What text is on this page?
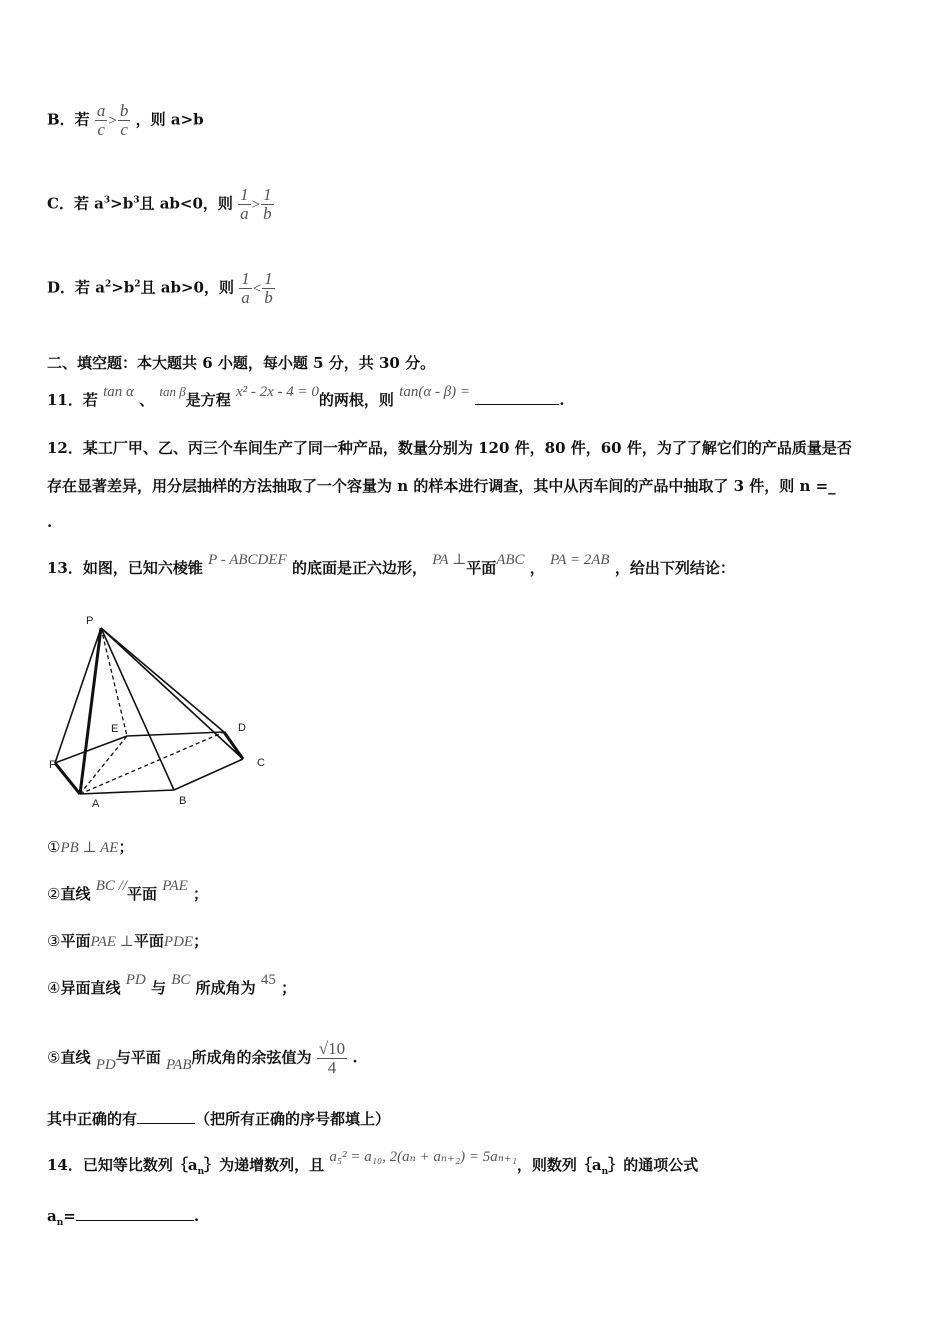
B．若 $\frac{a}{c} > \frac{b}{c}$ ，则 a>b
C．若 $a^3>b^3$且 ab<0，则 $\frac{1}{a} > \frac{1}{b}$
D．若 $a^2>b^2$且 ab>0，则 $\frac{1}{a} < \frac{1}{b}$
二、填空题：本大题共 6 小题，每小题 5 分，共 30 分。
11．若 tan α 、 tan β是方程 x² - 2x - 4 = 0的两根，则 tan(α - β) =	.
12．某工厂甲、乙、丙三个车间生产了同一种产品，数量分别为 120 件，80 件，60 件，为了了解它们的产品质量是否
存在显著差异，用分层抽样的方法抽取了一个容量为 n 的样本进行调查，其中从丙车间的产品中抽取了 3 件，则 n =_
.
13．如图，已知六棱锥 P - ABCDEF 的底面是正六边形， PA ⊥平面ABC ， PA = 2AB ，给出下列结论：
P
E	D
F	C
A	B
①PB ⊥ AE；
②直线 BC //平面 PAE ；
③平面PAE ⊥平面PDE；
④异面直线 PD 与 BC 所成角为 45 ；
⑤直线 PD与平面 PAB所成角的余弦值为 $\frac{√10}{4}$ .
其中正确的有	（把所有正确的序号都填上）
14．已知等比数列$\{a_n\}$为递增数列，且 a₅² = a₁₀, 2(aₙ + aₙ₊₂) = 5aₙ₊₁，则数列$\{a_n\}$的通项公式
$a_n=$	.
